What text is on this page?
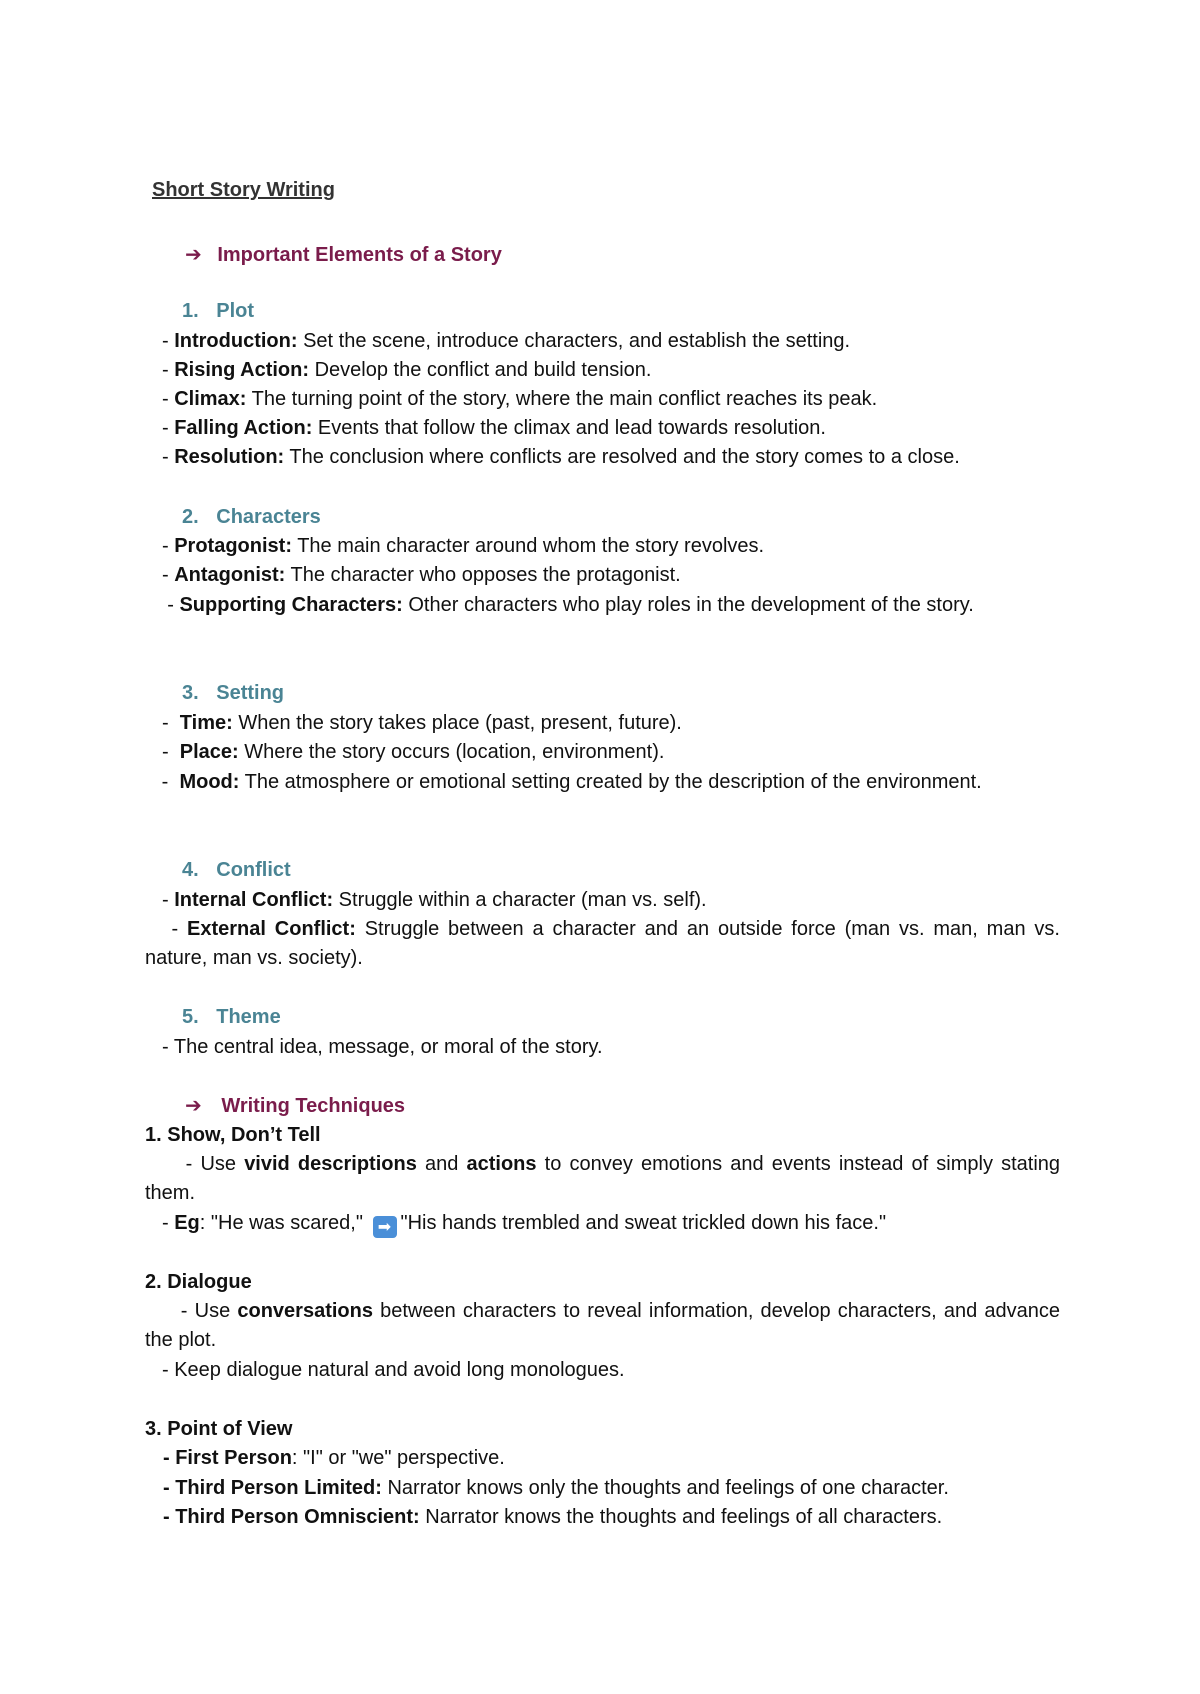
Short Story Writing
➔ Important Elements of a Story
1. Plot
- Introduction: Set the scene, introduce characters, and establish the setting.
- Rising Action: Develop the conflict and build tension.
- Climax: The turning point of the story, where the main conflict reaches its peak.
- Falling Action: Events that follow the climax and lead towards resolution.
- Resolution: The conclusion where conflicts are resolved and the story comes to a close.
2. Characters
- Protagonist: The main character around whom the story revolves.
- Antagonist: The character who opposes the protagonist.
- Supporting Characters: Other characters who play roles in the development of the story.
3. Setting
-  Time: When the story takes place (past, present, future).
-  Place: Where the story occurs (location, environment).
-  Mood: The atmosphere or emotional setting created by the description of the environment.
4. Conflict
- Internal Conflict: Struggle within a character (man vs. self).
- External Conflict: Struggle between a character and an outside force (man vs. man, man vs. nature, man vs. society).
5. Theme
- The central idea, message, or moral of the story.
➔ Writing Techniques
1. Show, Don’t Tell
- Use vivid descriptions and actions to convey emotions and events instead of simply stating them.
- Eg: "He was scared," ➡ "His hands trembled and sweat trickled down his face."
2. Dialogue
- Use conversations between characters to reveal information, develop characters, and advance the plot.
- Keep dialogue natural and avoid long monologues.
3. Point of View
- First Person: "I" or "we" perspective.
- Third Person Limited: Narrator knows only the thoughts and feelings of one character.
- Third Person Omniscient: Narrator knows the thoughts and feelings of all characters.
